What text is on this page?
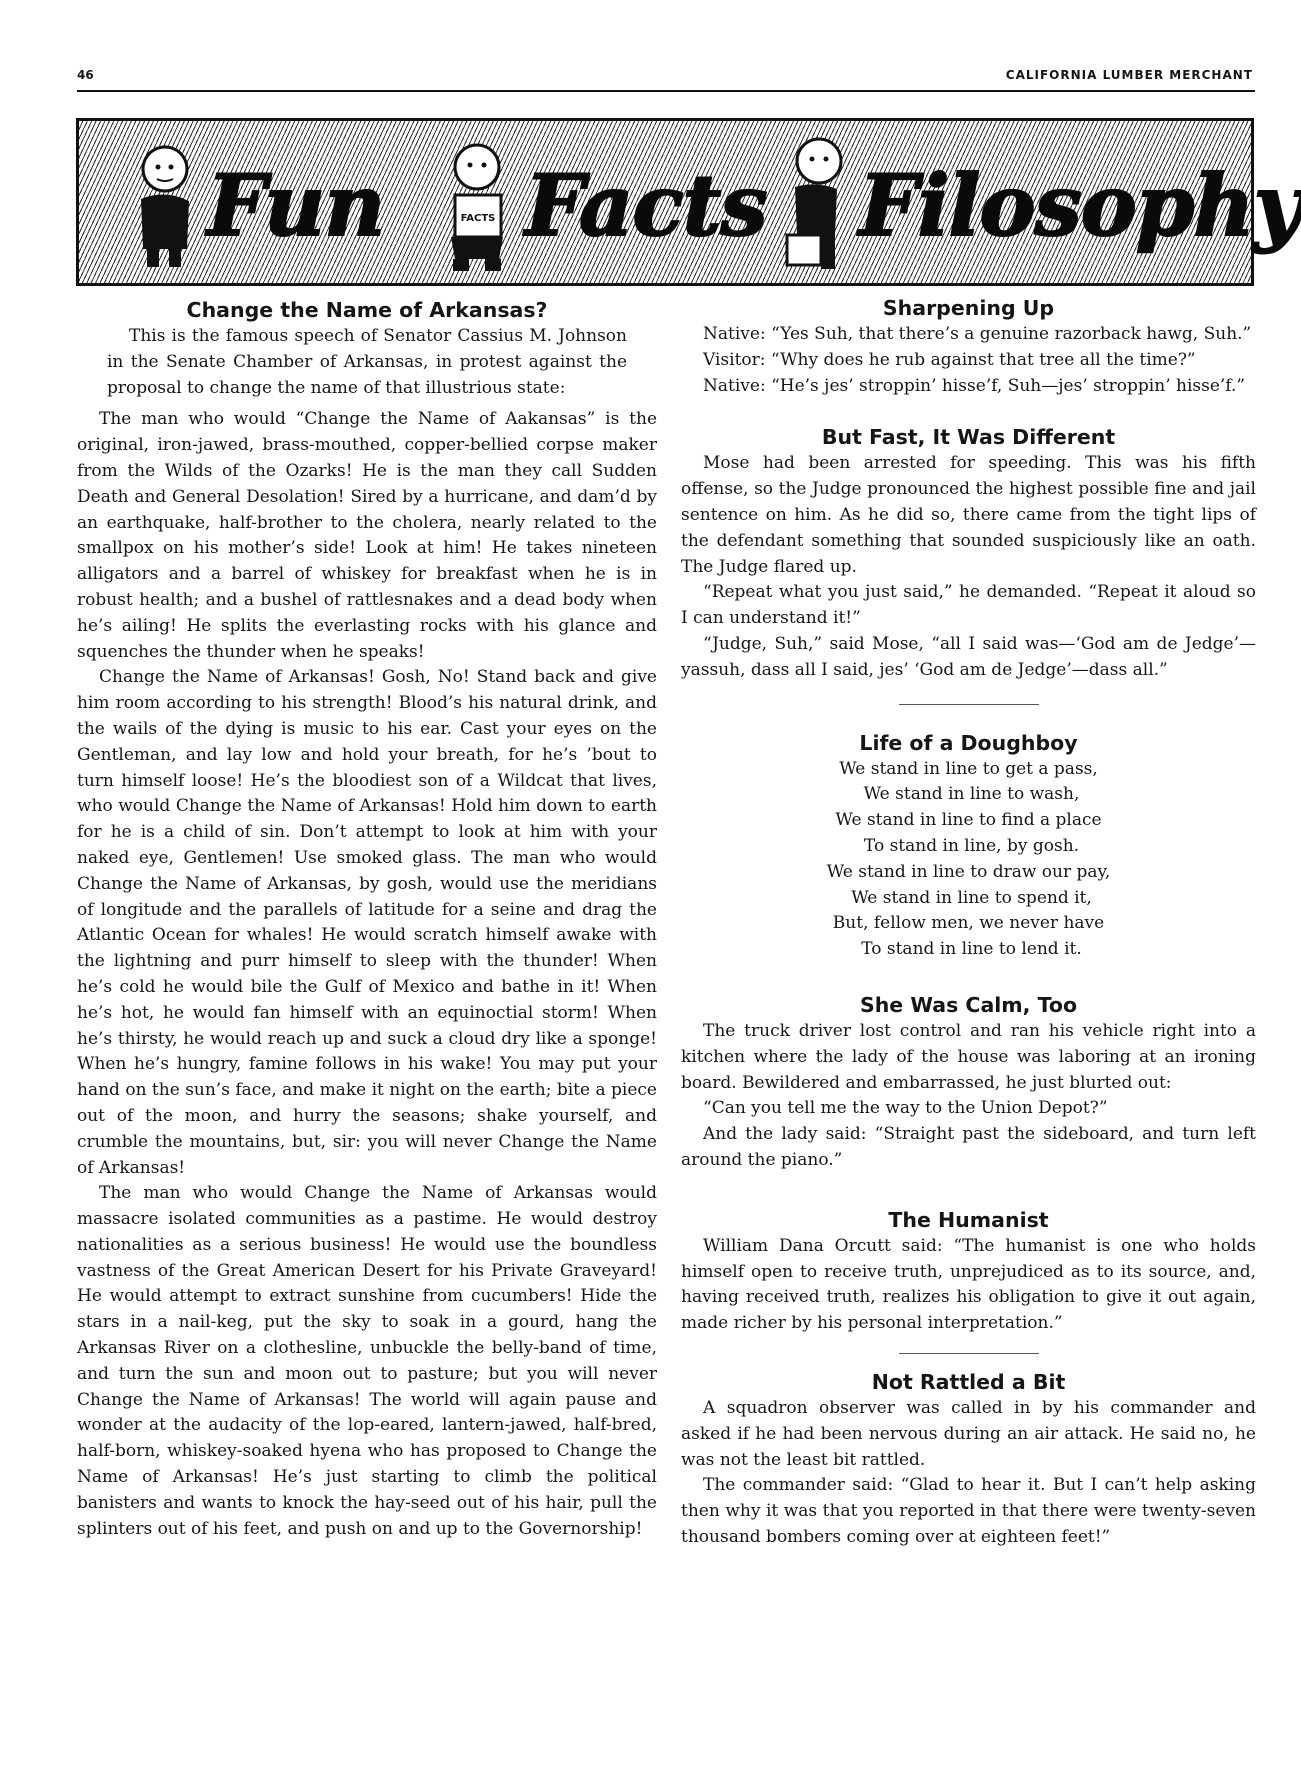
46	CALIFORNIA LUMBER MERCHANT
Fun	FACTS Facts Filosophy
Change the Name of Arkansas?

This is the famous speech of Senator Cassius M. Johnson in the Senate Chamber of Arkansas, in protest against the proposal to change the name of that illustrious state:

The man who would “Change the Name of Aakansas” is the original, iron-jawed, brass-mouthed, copper-bellied corpse maker from the Wilds of the Ozarks! He is the man they call Sudden Death and General Desolation! Sired by a hurricane, and dam’d by an earthquake, half-brother to the cholera, nearly related to the smallpox on his mother’s side! Look at him! He takes nineteen alligators and a barrel of whiskey for breakfast when he is in robust health; and a bushel of rattlesnakes and a dead body when he’s ailing! He splits the everlasting rocks with his glance and squenches the thunder when he speaks!

Change the Name of Arkansas! Gosh, No! Stand back and give him room according to his strength! Blood’s his natural drink, and the wails of the dying is music to his ear. Cast your eyes on the Gentleman, and lay low and hold your breath, for he’s ’bout to turn himself loose! He’s the bloodiest son of a Wildcat that lives, who would Change the Name of Arkansas! Hold him down to earth for he is a child of sin. Don’t attempt to look at him with your naked eye, Gentlemen! Use smoked glass. The man who would Change the Name of Arkansas, by gosh, would use the meridians of longitude and the parallels of latitude for a seine and drag the Atlantic Ocean for whales! He would scratch himself awake with the lightning and purr himself to sleep with the thunder! When he’s cold he would bile the Gulf of Mexico and bathe in it! When he’s hot, he would fan himself with an equinoctial storm! When he’s thirsty, he would reach up and suck a cloud dry like a sponge! When he’s hungry, famine follows in his wake! You may put your hand on the sun’s face, and make it night on the earth; bite a piece out of the moon, and hurry the seasons; shake yourself, and crumble the mountains, but, sir: you will never Change the Name of Arkansas!

The man who would Change the Name of Arkansas would massacre isolated communities as a pastime. He would destroy nationalities as a serious business! He would use the boundless vastness of the Great American Desert for his Private Graveyard! He would attempt to extract sunshine from cucumbers! Hide the stars in a nail-keg, put the sky to soak in a gourd, hang the Arkansas River on a clothesline, unbuckle the belly-band of time, and turn the sun and moon out to pasture; but you will never Change the Name of Arkansas! The world will again pause and wonder at the audacity of the lop-eared, lantern-jawed, half-bred, half-born, whiskey-soaked hyena who has proposed to Change the Name of Arkansas! He’s just starting to climb the political banisters and wants to knock the hay-seed out of his hair, pull the splinters out of his feet, and push on and up to the Governorship!

Sharpening Up

Native: “Yes Suh, that there’s a genuine razorback hawg, Suh.”

Visitor: “Why does he rub against that tree all the time?”

Native: “He’s jes’ stroppin’ hisse’f, Suh—jes’ stroppin’ hisse’f.”

But Fast, It Was Different

Mose had been arrested for speeding. This was his fifth offense, so the Judge pronounced the highest possible fine and jail sentence on him. As he did so, there came from the tight lips of the defendant something that sounded suspiciously like an oath. The Judge flared up.

“Repeat what you just said,” he demanded. “Repeat it aloud so I can understand it!”

“Judge, Suh,” said Mose, “all I said was—‘God am de Jedge’—yassuh, dass all I said, jes’ ‘God am de Jedge’—dass all.”

Life of a Doughboy
We stand in line to get a pass,
We stand in line to wash,
We stand in line to find a place
To stand in line, by gosh.
We stand in line to draw our pay,
We stand in line to spend it,
But, fellow men, we never have
To stand in line to lend it.
She Was Calm, Too

The truck driver lost control and ran his vehicle right into a kitchen where the lady of the house was laboring at an ironing board. Bewildered and embarrassed, he just blurted out:

“Can you tell me the way to the Union Depot?”

And the lady said: “Straight past the sideboard, and turn left around the piano.”

The Humanist

William Dana Orcutt said: “The humanist is one who holds himself open to receive truth, unprejudiced as to its source, and, having received truth, realizes his obligation to give it out again, made richer by his personal interpretation.”

Not Rattled a Bit

A squadron observer was called in by his commander and asked if he had been nervous during an air attack. He said no, he was not the least bit rattled.

The commander said: “Glad to hear it. But I can’t help asking then why it was that you reported in that there were twenty-seven thousand bombers coming over at eighteen feet!”
